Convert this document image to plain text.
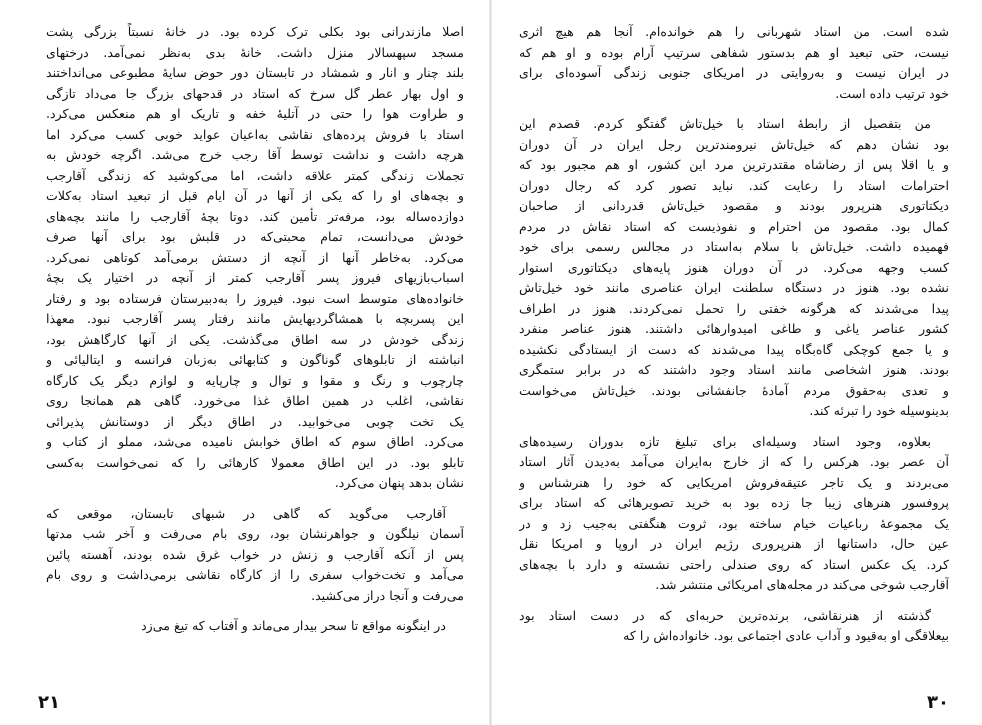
اصلا مازندرانی بود بکلی ترک کرده بود. در خانهٔ نسبتاً بزرگی پشت
مسجد سپهسالار منزل داشت. خانهٔ بدی به‌نظر نمی‌آمد. درختهای
بلند چنار و انار و شمشاد در تابستان دور حوض سایهٔ مطبوعی می‌انداختند
و اول بهار عطر گل سرخ که استاد در قدحهای بزرگ جا می‌داد تازگی
و طراوت هوا را حتی در آتلیهٔ خفه و تاریک او هم منعکس می‌کرد.
استاد با فروش پرده‌های نقاشی به‌اعیان عواید خوبی کسب می‌کرد اما
هرچه داشت و نداشت توسط آقا رجب خرج می‌شد. اگرچه خودش به
تجملات زندگی کمتر علاقه داشت، اما می‌کوشید که زندگی آقارجب
و بچه‌های او را که یکی از آنها در آن ایام قبل از تبعید استاد به‌کلات
دوازده‌ساله بود، مرفه‌تر تأمین کند. دوتا بچهٔ آقارجب را مانند بچه‌های
خودش می‌دانست، تمام محبتی‌که در قلبش بود برای آنها صرف
می‌کرد. به‌خاطر آنها از آنچه از دستش برمی‌آمد کوتاهی نمی‌کرد.
اسباب‌بازیهای فیروز پسر آقارجب کمتر از آنچه در اختیار یک بچهٔ
خانواده‌های متوسط است نبود. فیروز را به‌دبیرستان فرستاده بود و رفتار
این پسربچه با همشاگردیهایش مانند رفتار پسر آقارجب نبود. معهذا
زندگی خودش در سه اطاق می‌گذشت. یکی از آنها کارگاهش بود،
انباشته از تابلوهای گوناگون و کتابهائی به‌زبان فرانسه و ایتالیائی و
چارچوب و رنگ و مقوا و توال و چارپایه و لوازم دیگر یک کارگاه
نقاشی، اغلب در همین اطاق غذا می‌خورد. گاهی هم همانجا روی
یک تخت چوبی می‌خوابید. در اطاق دیگر از دوستانش پذیرائی
می‌کرد. اطاق سوم که اطاق خوابش نامیده می‌شد، مملو از کتاب و
تابلو بود. در این اطاق معمولا کارهائی را که نمی‌خواست به‌کسی
نشان بدهد پنهان می‌کرد.
آقارجب می‌گوید که گاهی در شبهای تابستان، موقعی که
آسمان نیلگون و جواهرنشان بود، روی بام می‌رفت و آخر شب مدتها
پس از آنکه آقارجب و زنش در خواب غرق شده بودند، آهسته پائین
می‌آمد و تخت‌خواب سفری را از کارگاه نقاشی برمی‌داشت و روی بام
می‌رفت و آنجا دراز می‌کشید.
در اینگونه مواقع تا سحر بیدار می‌ماند و آفتاب که تیغ می‌زد
۲۱
شده است. من استاد شهربانی را هم خوانده‌ام. آنجا هم هیچ اثری
نیست، حتی تبعید او هم بدستور شفاهی سرتیپ آرام بوده و او هم که
در ایران نیست و به‌روایتی در امریکای جنوبی زندگی آسوده‌ای برای
خود ترتیب داده است.
من بتفصیل از رابطهٔ استاد با خیل‌تاش گفتگو کردم. قصدم این
بود نشان دهم که خیل‌تاش نیرومندترین رجل ایران در آن دوران
و یا اقلا پس از رضاشاه مقتدرترین مرد این کشور، او هم مجبور بود که
احترامات استاد را رعایت کند. نباید تصور کرد که رجال دوران
دیکتاتوری هنرپرور بودند و مقصود خیل‌تاش قدردانی از صاحبان
کمال بود. مقصود من احترام و نفوذیست که استاد نقاش در مردم
فهمیده داشت. خیل‌تاش با سلام به‌استاد در مجالس رسمی برای خود
کسب وجهه می‌کرد. در آن دوران هنوز پایه‌های دیکتاتوری استوار
نشده بود. هنوز در دستگاه سلطنت ایران عناصری مانند خود خیل‌تاش
پیدا می‌شدند که هرگونه خفتی را تحمل نمی‌کردند. هنوز در اطراف
کشور عناصر یاغی و طاغی امیدوارهائی داشتند. هنوز عناصر منفرد
و یا جمع کوچکی گاه‌بگاه پیدا می‌شدند که دست از ایستادگی نکشیده
بودند. هنوز اشخاصی مانند استاد وجود داشتند که در برابر ستمگری
و تعدی به‌حقوق مردم آمادهٔ جانفشانی بودند. خیل‌تاش می‌خواست
بدینوسیله خود را تبرئه کند.
بعلاوه، وجود استاد وسیله‌ای برای تبلیغ تازه بدوران رسیده‌های
آن عصر بود. هرکس را که از خارج به‌ایران می‌آمد به‌دیدن آثار استاد
می‌بردند و یک تاجر عتیقه‌فروش امریکایی که خود را هنرشناس و
پروفسور هنرهای زیبا جا زده بود به خرید تصویرهائی که استاد برای
یک مجموعهٔ رباعیات خیام ساخته بود، ثروت هنگفتی به‌جیب زد و در
عین حال، داستانها از هنرپروری رژیم ایران در اروپا و امریکا نقل
کرد. یک عکس استاد که روی صندلی راحتی نشسته و دارد با بچه‌های
آقارجب شوخی می‌کند در مجله‌های امریکائی منتشر شد.
گذشته از هنرنقاشی، برنده‌ترین حربه‌ای که در دست استاد بود
بیعلاقگی او به‌قیود و آداب عادی اجتماعی بود. خانواده‌اش را که
۳۰
